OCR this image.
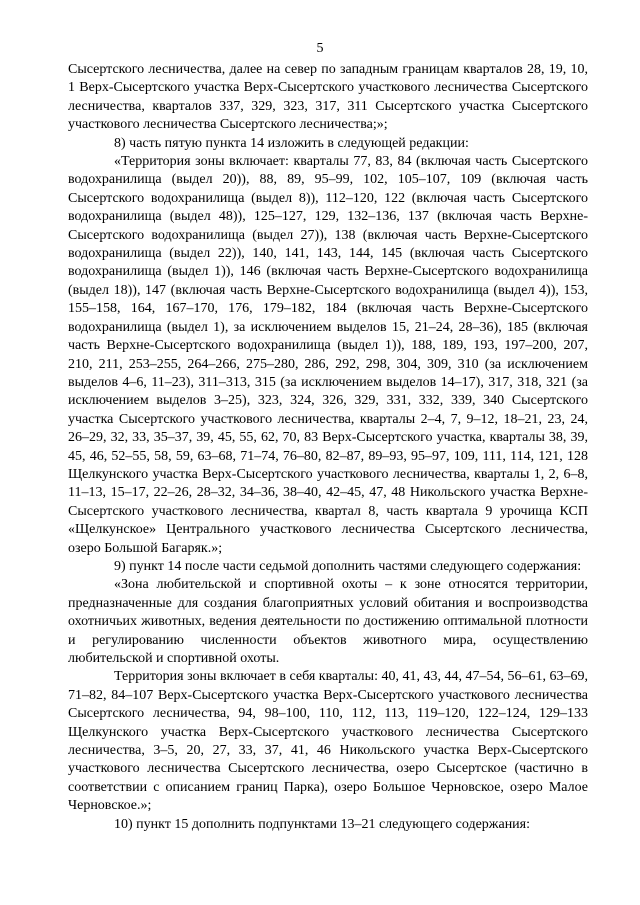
5

Сысертского лесничества, далее на север по западным границам кварталов 28, 19, 10, 1 Верх-Сысертского участка Верх-Сысертского участкового лесничества Сысертского лесничества, кварталов 337, 329, 323, 317, 311 Сысертского участка Сысертского участкового лесничества Сысертского лесничества;»;

8) часть пятую пункта 14 изложить в следующей редакции:

«Территория зоны включает: кварталы 77, 83, 84 (включая часть Сысертского водохранилища (выдел 20)), 88, 89, 95–99, 102, 105–107, 109 (включая часть Сысертского водохранилища (выдел 8)), 112–120, 122 (включая часть Сысертского водохранилища (выдел 48)), 125–127, 129, 132–136, 137 (включая часть Верхне-Сысертского водохранилища (выдел 27)), 138 (включая часть Верхне-Сысертского водохранилища (выдел 22)), 140, 141, 143, 144, 145 (включая часть Сысертского водохранилища (выдел 1)), 146 (включая часть Верхне-Сысертского водохранилища (выдел 18)), 147 (включая часть Верхне-Сысертского водохранилища (выдел 4)), 153, 155–158, 164, 167–170, 176, 179–182, 184 (включая часть Верхне-Сысертского водохранилища (выдел 1), за исключением выделов 15, 21–24, 28–36), 185 (включая часть Верхне-Сысертского водохранилища (выдел 1)), 188, 189, 193, 197–200, 207, 210, 211, 253–255, 264–266, 275–280, 286, 292, 298, 304, 309, 310 (за исключением выделов 4–6, 11–23), 311–313, 315 (за исключением выделов 14–17), 317, 318, 321 (за исключением выделов 3–25), 323, 324, 326, 329, 331, 332, 339, 340 Сысертского участка Сысертского участкового лесничества, кварталы 2–4, 7, 9–12, 18–21, 23, 24, 26–29, 32, 33, 35–37, 39, 45, 55, 62, 70, 83 Верх-Сысертского участка, кварталы 38, 39, 45, 46, 52–55, 58, 59, 63–68, 71–74, 76–80, 82–87, 89–93, 95–97, 109, 111, 114, 121, 128 Щелкунского участка Верх-Сысертского участкового лесничества, кварталы 1, 2, 6–8, 11–13, 15–17, 22–26, 28–32, 34–36, 38–40, 42–45, 47, 48 Никольского участка Верхне-Сысертского участкового лесничества, квартал 8, часть квартала 9 урочища КСП «Щелкунское» Центрального участкового лесничества Сысертского лесничества, озеро Большой Багаряк.»;

9) пункт 14 после части седьмой дополнить частями следующего содержания:

«Зона любительской и спортивной охоты – к зоне относятся территории, предназначенные для создания благоприятных условий обитания и воспроизводства охотничьих животных, ведения деятельности по достижению оптимальной плотности и регулированию численности объектов животного мира, осуществлению любительской и спортивной охоты.

Территория зоны включает в себя кварталы: 40, 41, 43, 44, 47–54, 56–61, 63–69, 71–82, 84–107 Верх-Сысертского участка Верх-Сысертского участкового лесничества Сысертского лесничества, 94, 98–100, 110, 112, 113, 119–120, 122–124, 129–133 Щелкунского участка Верх-Сысертского участкового лесничества Сысертского лесничества, 3–5, 20, 27, 33, 37, 41, 46 Никольского участка Верх-Сысертского участкового лесничества Сысертского лесничества, озеро Сысертское (частично в соответствии с описанием границ Парка), озеро Большое Черновское, озеро Малое Черновское.»;

10) пункт 15 дополнить подпунктами 13–21 следующего содержания:
